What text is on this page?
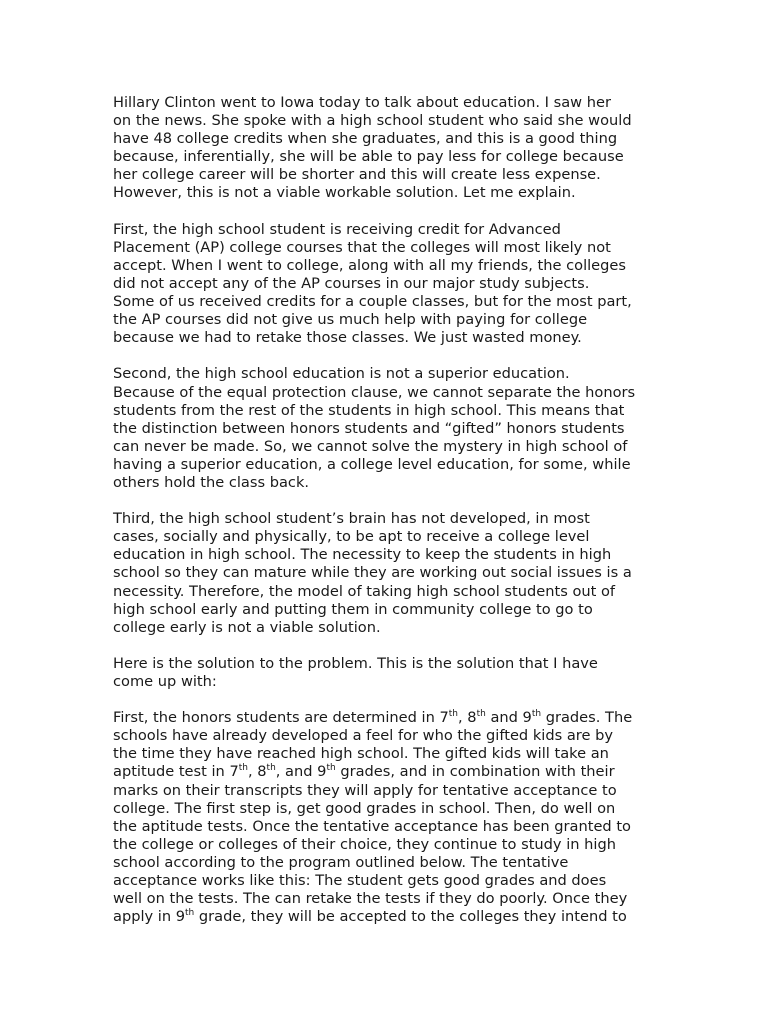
Hillary Clinton went to Iowa today to talk about education. I saw her
on the news. She spoke with a high school student who said she would
have 48 college credits when she graduates, and this is a good thing
because, inferentially, she will be able to pay less for college because
her college career will be shorter and this will create less expense.
However, this is not a viable workable solution. Let me explain.

First, the high school student is receiving credit for Advanced
Placement (AP) college courses that the colleges will most likely not
accept. When I went to college, along with all my friends, the colleges
did not accept any of the AP courses in our major study subjects.
Some of us received credits for a couple classes, but for the most part,
the AP courses did not give us much help with paying for college
because we had to retake those classes. We just wasted money.

Second, the high school education is not a superior education.
Because of the equal protection clause, we cannot separate the honors
students from the rest of the students in high school. This means that
the distinction between honors students and “gifted” honors students
can never be made. So, we cannot solve the mystery in high school of
having a superior education, a college level education, for some, while
others hold the class back.

Third, the high school student’s brain has not developed, in most
cases, socially and physically, to be apt to receive a college level
education in high school. The necessity to keep the students in high
school so they can mature while they are working out social issues is a
necessity. Therefore, the model of taking high school students out of
high school early and putting them in community college to go to
college early is not a viable solution.

Here is the solution to the problem. This is the solution that I have
come up with:

First, the honors students are determined in 7th, 8th and 9th grades. The
schools have already developed a feel for who the gifted kids are by
the time they have reached high school. The gifted kids will take an
aptitude test in 7th, 8th, and 9th grades, and in combination with their
marks on their transcripts they will apply for tentative acceptance to
college. The first step is, get good grades in school. Then, do well on
the aptitude tests. Once the tentative acceptance has been granted to
the college or colleges of their choice, they continue to study in high
school according to the program outlined below. The tentative
acceptance works like this: The student gets good grades and does
well on the tests. The can retake the tests if they do poorly. Once they
apply in 9th grade, they will be accepted to the colleges they intend to
